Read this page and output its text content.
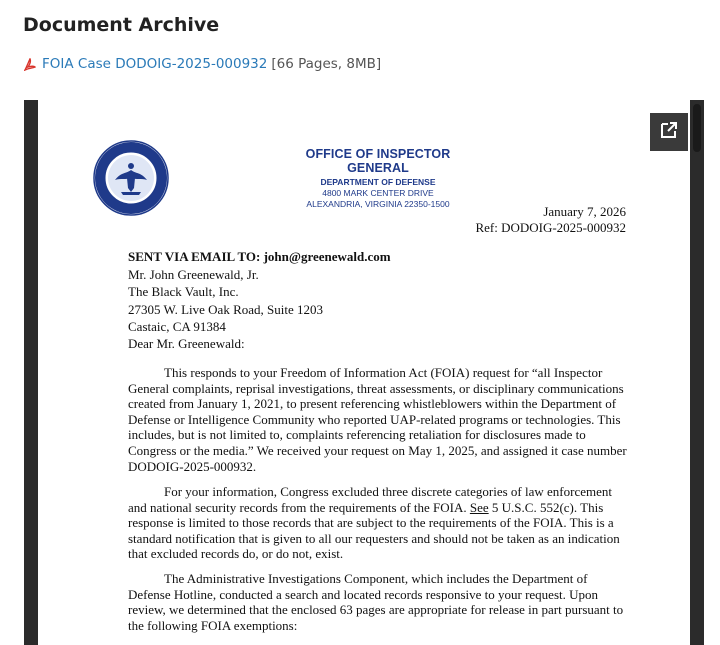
Document Archive
FOIA Case DODOIG-2025-000932 [66 Pages, 8MB]
OFFICE OF INSPECTOR GENERAL
DEPARTMENT OF DEFENSE
4800 MARK CENTER DRIVE
ALEXANDRIA, VIRGINIA 22350-1500	January 7, 2026
Ref: DODOIG-2025-000932
SENT VIA EMAIL TO: john@greenewald.com
Mr. John Greenewald, Jr.
The Black Vault, Inc.
27305 W. Live Oak Road, Suite 1203
Castaic, CA 91384
Dear Mr. Greenewald:

This responds to your Freedom of Information Act (FOIA) request for “all Inspector General complaints, reprisal investigations, threat assessments, or disciplinary communications created from January 1, 2021, to present referencing whistleblowers within the Department of Defense or Intelligence Community who reported UAP-related programs or technologies. This includes, but is not limited to, complaints referencing retaliation for disclosures made to Congress or the media.” We received your request on May 1, 2025, and assigned it case number DODOIG-2025-000932.

For your information, Congress excluded three discrete categories of law enforcement and national security records from the requirements of the FOIA. See 5 U.S.C. 552(c). This response is limited to those records that are subject to the requirements of the FOIA. This is a standard notification that is given to all our requesters and should not be taken as an indication that excluded records do, or do not, exist.

The Administrative Investigations Component, which includes the Department of Defense Hotline, conducted a search and located records responsive to your request. Upon review, we determined that the enclosed 63 pages are appropriate for release in part pursuant to the following FOIA exemptions:
